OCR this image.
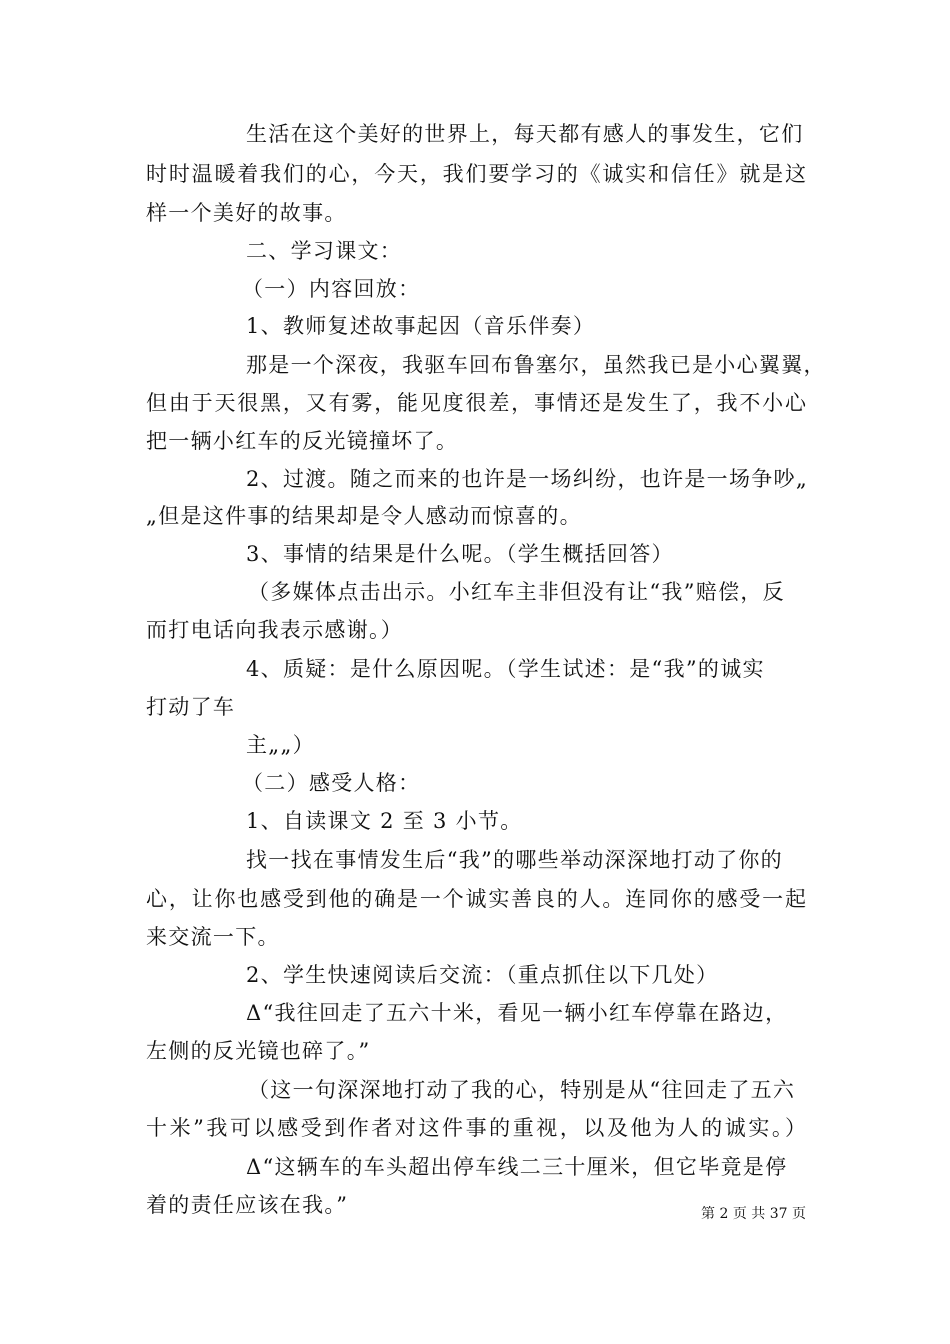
生活在这个美好的世界上，每天都有感人的事发生，它们
时时温暖着我们的心，今天，我们要学习的《诚实和信任》就是这
样一个美好的故事。
二、学习课文：
（一）内容回放：
1、教师复述故事起因（音乐伴奏）
那是一个深夜，我驱车回布鲁塞尔，虽然我已是小心翼翼，
但由于天很黑，又有雾，能见度很差，事情还是发生了，我不小心
把一辆小红车的反光镜撞坏了。
2、过渡。随之而来的也许是一场纠纷，也许是一场争吵„
„但是这件事的结果却是令人感动而惊喜的。
3、事情的结果是什么呢。（学生概括回答）
（多媒体点击出示。小红车主非但没有让“我”赔偿，反
而打电话向我表示感谢。）
4、质疑：是什么原因呢。（学生试述：是“我”的诚实
打动了车
主„„）
（二）感受人格：
1、自读课文 2 至 3 小节。
找一找在事情发生后“我”的哪些举动深深地打动了你的
心，让你也感受到他的确是一个诚实善良的人。连同你的感受一起
来交流一下。
2、学生快速阅读后交流：（重点抓住以下几处）
Δ“我往回走了五六十米，看见一辆小红车停靠在路边，
左侧的反光镜也碎了。”
（这一句深深地打动了我的心，特别是从“往回走了五六
十米”我可以感受到作者对这件事的重视，以及他为人的诚实。）
Δ“这辆车的车头超出停车线二三十厘米，但它毕竟是停
着的责任应该在我。”	第 2 页 共 37 页
